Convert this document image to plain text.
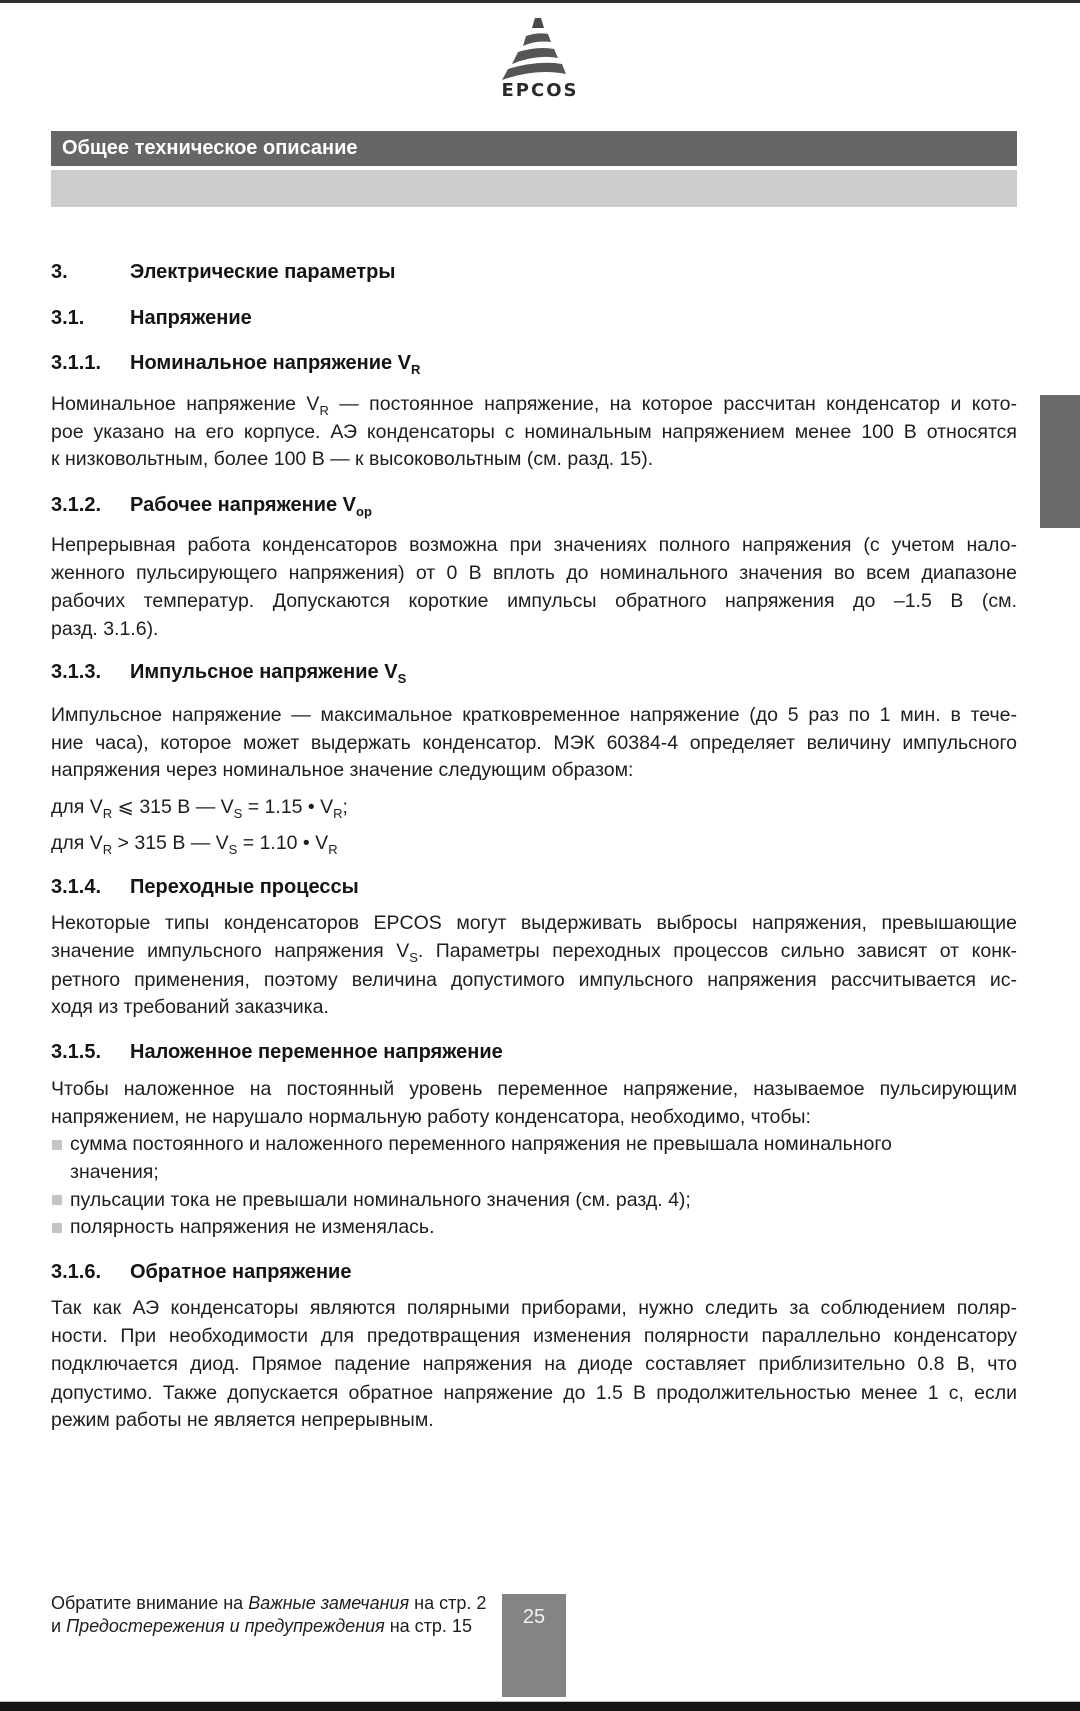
EPCOS
Общее техническое описание
3.	Электрические параметры
3.1. Напряжение
3.1.1. Номинальное напряжение $V_R$
Номинальное напряжение $V_R$ — постоянное напряжение, на которое рассчитан конденсатор и кото-
рое указано на его корпусе. АЭ конденсаторы с номинальным напряжением менее 100 В относятся
к низковольтным, более 100 В — к высоковольтным (см. разд. 15).
3.1.2. Рабочее напряжение $V_{op}$
Непрерывная работа конденсаторов возможна при значениях полного напряжения (с учетом нало-
женного пульсирующего напряжения) от 0 В вплоть до номинального значения во всем диапазоне
рабочих температур. Допускаются короткие импульсы обратного напряжения до –1.5 В (см.
разд. 3.1.6).
3.1.3. Импульсное напряжение $V_S$
Импульсное напряжение — максимальное кратковременное напряжение (до 5 раз по 1 мин. в тече-
ние часа), которое может выдержать конденсатор. МЭК 60384-4 определяет величину импульсного
напряжения через номинальное значение следующим образом:
для $V_R$ ⩽ 315 В — $V_S = 1.15$ • $V_R$;
для $V_R > 315$ В — $V_S = 1.10$ • $V_R$
3.1.4. Переходные процессы
Некоторые типы конденсаторов EPCOS могут выдерживать выбросы напряжения, превышающие
значение импульсного напряжения $V_S$. Параметры переходных процессов сильно зависят от конк-
ретного применения, поэтому величина допустимого импульсного напряжения рассчитывается ис-
ходя из требований заказчика.
3.1.5. Наложенное переменное напряжение
Чтобы наложенное на постоянный уровень переменное напряжение, называемое пульсирующим
напряжением, не нарушало нормальную работу конденсатора, необходимо, чтобы:
сумма постоянного и наложенного переменного напряжения не превышала номинального
значения;
пульсации тока не превышали номинального значения (см. разд. 4);
полярность напряжения не изменялась.
3.1.6. Обратное напряжение
Так как АЭ конденсаторы являются полярными приборами, нужно следить за соблюдением поляр-
ности. При необходимости для предотвращения изменения полярности параллельно конденсатору
подключается диод. Прямое падение напряжения на диоде составляет приблизительно 0.8 В, что
допустимо. Также допускается обратное напряжение до 1.5 В продолжительностью менее 1 с, если
режим работы не является непрерывным.
Обратите внимание на Важные замечания на стр. 2
и Предостережения и предупреждения на стр. 15	25
